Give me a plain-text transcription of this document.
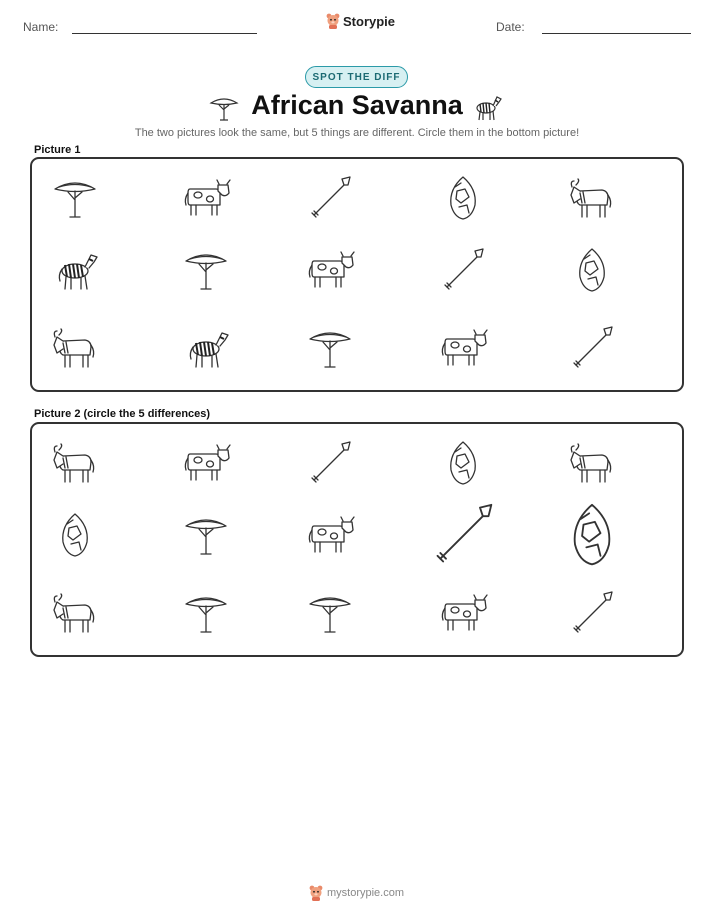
Name:	Storypie	Date:
SPOT THE DIFF
African Savanna
The two pictures look the same, but 5 things are different. Circle them in the bottom picture!
Picture 1
Picture 2 (circle the 5 differences)
mystorypie.com
